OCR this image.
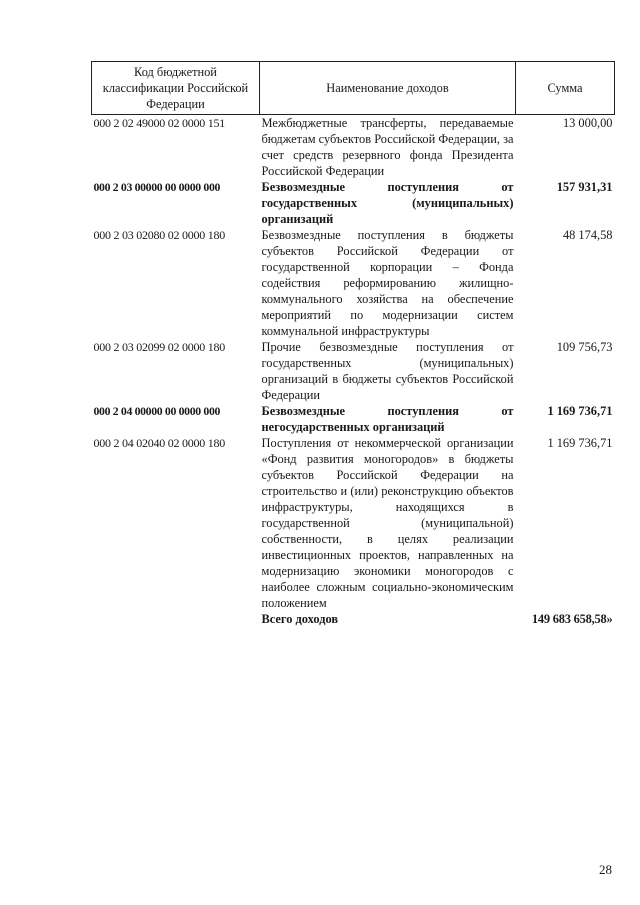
Код бюджетной классификации Российской Федерации	Наименование доходов	Сумма
000 2 02 49000 02 0000 151	Межбюджетные трансферты, передаваемые бюджетам субъектов Российской Федерации, за счет средств резервного фонда Президента Российской Федерации	13 000,00
000 2 03 00000 00 0000 000	Безвозмездные поступления от государственных (муниципальных) организаций	157 931,31
000 2 03 02080 02 0000 180	Безвозмездные поступления в бюджеты субъектов Российской Федерации от государственной корпорации – Фонда содействия реформированию жилищно-коммунального хозяйства на обеспечение мероприятий по модернизации систем коммунальной инфраструктуры	48 174,58
000 2 03 02099 02 0000 180	Прочие безвозмездные поступления от государственных (муниципальных) организаций в бюджеты субъектов Российской Федерации	109 756,73
000 2 04 00000 00 0000 000	Безвозмездные поступления от негосударственных организаций	1 169 736,71
000 2 04 02040 02 0000 180	Поступления от некоммерческой организации «Фонд развития моногородов» в бюджеты субъектов Российской Федерации на строительство и (или) реконструкцию объектов инфраструктуры, находящихся в государственной (муниципальной) собственности, в целях реализации инвестиционных проектов, направленных на модернизацию экономики моногородов с наиболее сложным социально-экономическим положением	1 169 736,71
	Всего доходов	149 683 658,58»
28
